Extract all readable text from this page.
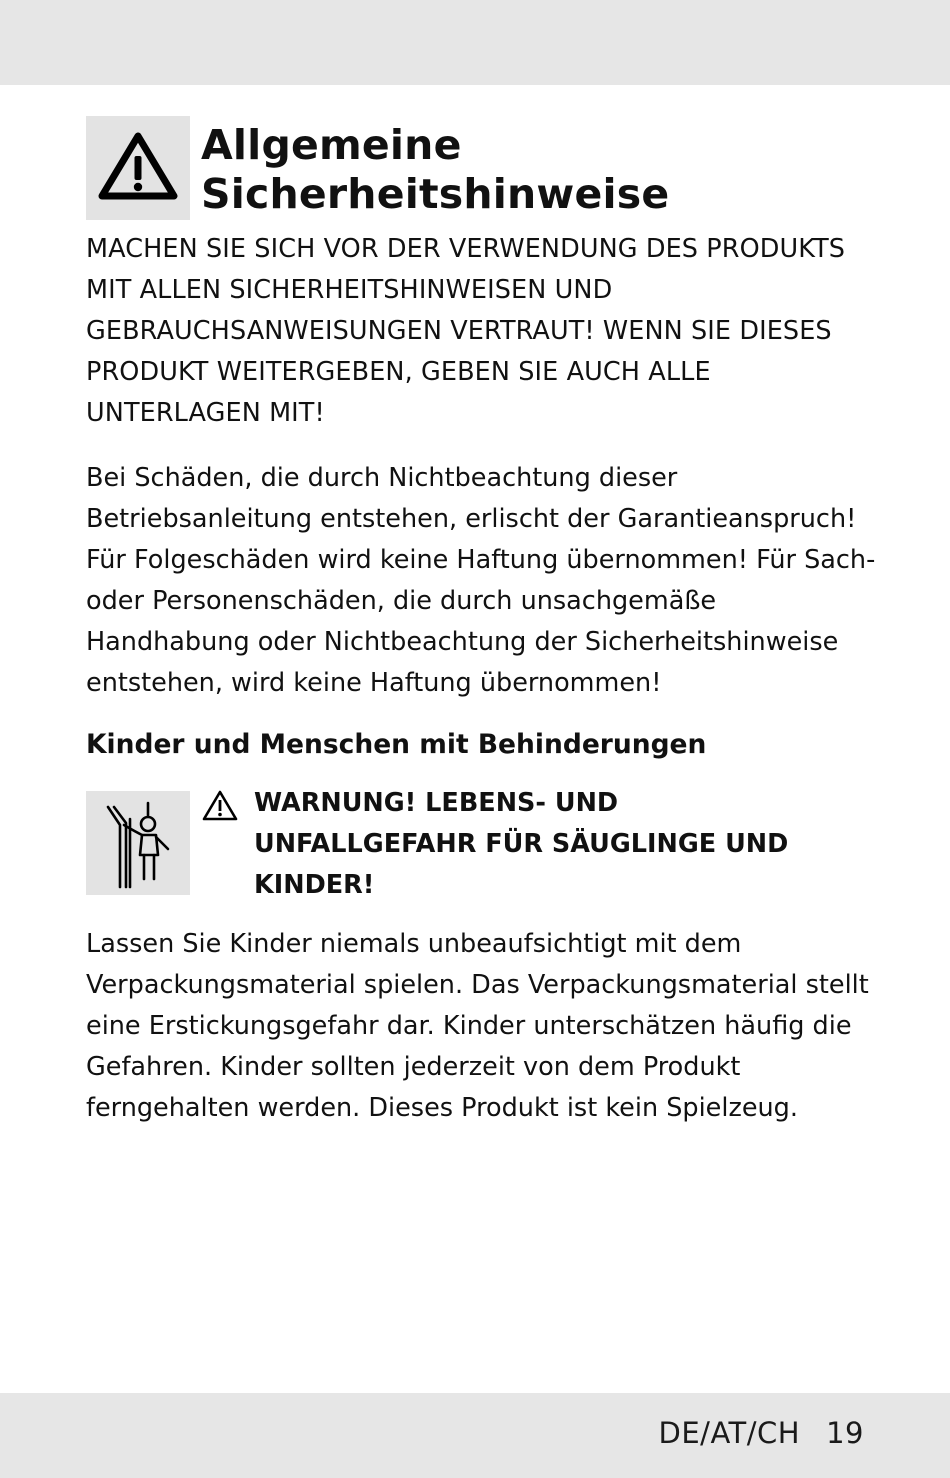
Allgemeine
Sicherheitshinweise

MACHEN SIE SICH VOR DER VERWENDUNG DES PRODUKTS MIT ALLEN SICHERHEITSHINWEISEN UND GEBRAUCHSANWEISUNGEN VERTRAUT! WENN SIE DIESES PRODUKT WEITERGEBEN, GEBEN SIE AUCH ALLE UNTERLAGEN MIT!

Bei Schäden, die durch Nichtbeachtung dieser Betriebsanleitung entstehen, erlischt der Garantieanspruch! Für Folgeschäden wird keine Haftung übernommen! Für Sach- oder Personenschäden, die durch unsachgemäße Handhabung oder Nichtbeachtung der Sicherheitshinweise entstehen, wird keine Haftung übernommen!

Kinder und Menschen mit Behinderungen

WARNUNG! LEBENS- UND
UNFALLGEFAHR FÜR SÄUGLINGE UND KINDER!

Lassen Sie Kinder niemals unbeaufsichtigt mit dem Verpackungsmaterial spielen. Das Verpackungsmaterial stellt eine Erstickungsgefahr dar. Kinder unterschätzen häufig die Gefahren. Kinder sollten jederzeit von dem Produkt ferngehalten werden. Dieses Produkt ist kein Spielzeug.

DE/AT/CH 19
